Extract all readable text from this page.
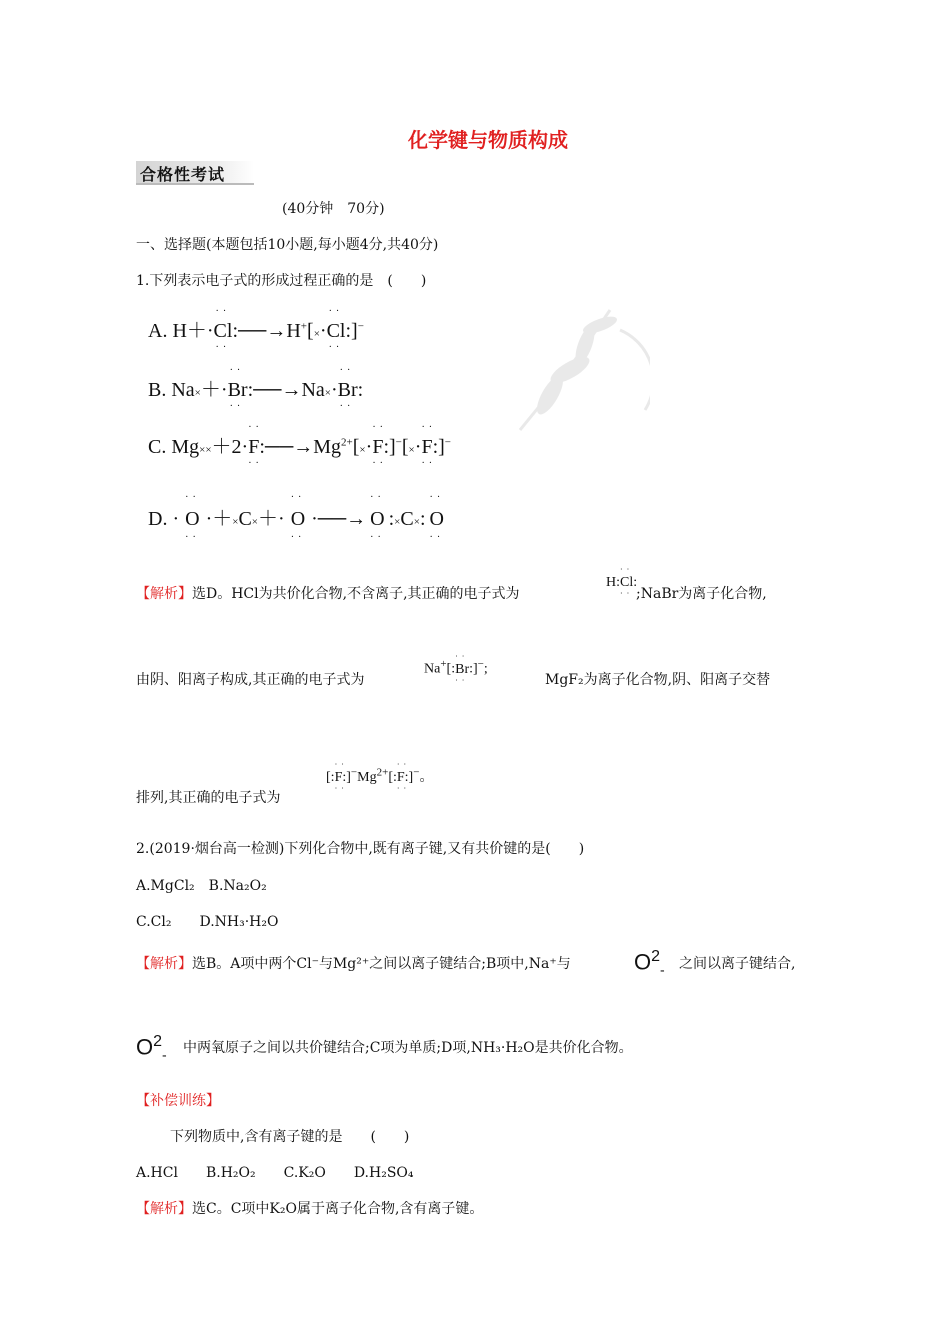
化学键与物质构成
合格性考试
(40分钟　70分)
一、选择题(本题包括10小题,每小题4分,共40分)
1.下列表示电子式的形成过程正确的是　(　　)
A. H＋·
··
Cl
··
:──→H+[×·
··
Cl
··
:]−
B. Na×＋·
··
Br
··
:──→Na×·
··
Br
··
:
C. Mg××＋2·
··
F
··
$:──\to Mg^{2+}[\times\cdot$
··
F
··
:]−[×·
··
F
··
:]−
D. ·
··
O
··
·＋×C×＋·
··
O
··
·──→
··
O
··
:×C×:
··
O
··
【解析】选D。HCl为共价化合物,不含离子,其正确的电子式为
H:
··
Cl
··
:
;NaBr为离子化合物,
由阴、阳离子构成,其正确的电子式为
Na+[:
··
Br
··
:]−;
MgF₂为离子化合物,阴、阳离子交替
排列,其正确的电子式为
[:
··
F
··
$:]^-Mg^{2+}$[:
··
F
··
:]−。
2.(2019·烟台高一检测)下列化合物中,既有离子键,又有共价键的是(　　)
A.MgCl₂　B.Na₂O₂
C.Cl₂　　D.NH₃·H₂O
【解析】选B。A项中两个Cl⁻与Mg²⁺之间以离子键结合;B项中,Na⁺与	$O^2_-$ 之间以离子键结合,
$O^2_-$ 中两氧原子之间以共价键结合;C项为单质;D项,NH₃·H₂O是共价化合物。
【补偿训练】
下列物质中,含有离子键的是　　(　　)
A.HCl　　B.H₂O₂　　C.K₂O　　D.H₂SO₄
【解析】选C。C项中K₂O属于离子化合物,含有离子键。
